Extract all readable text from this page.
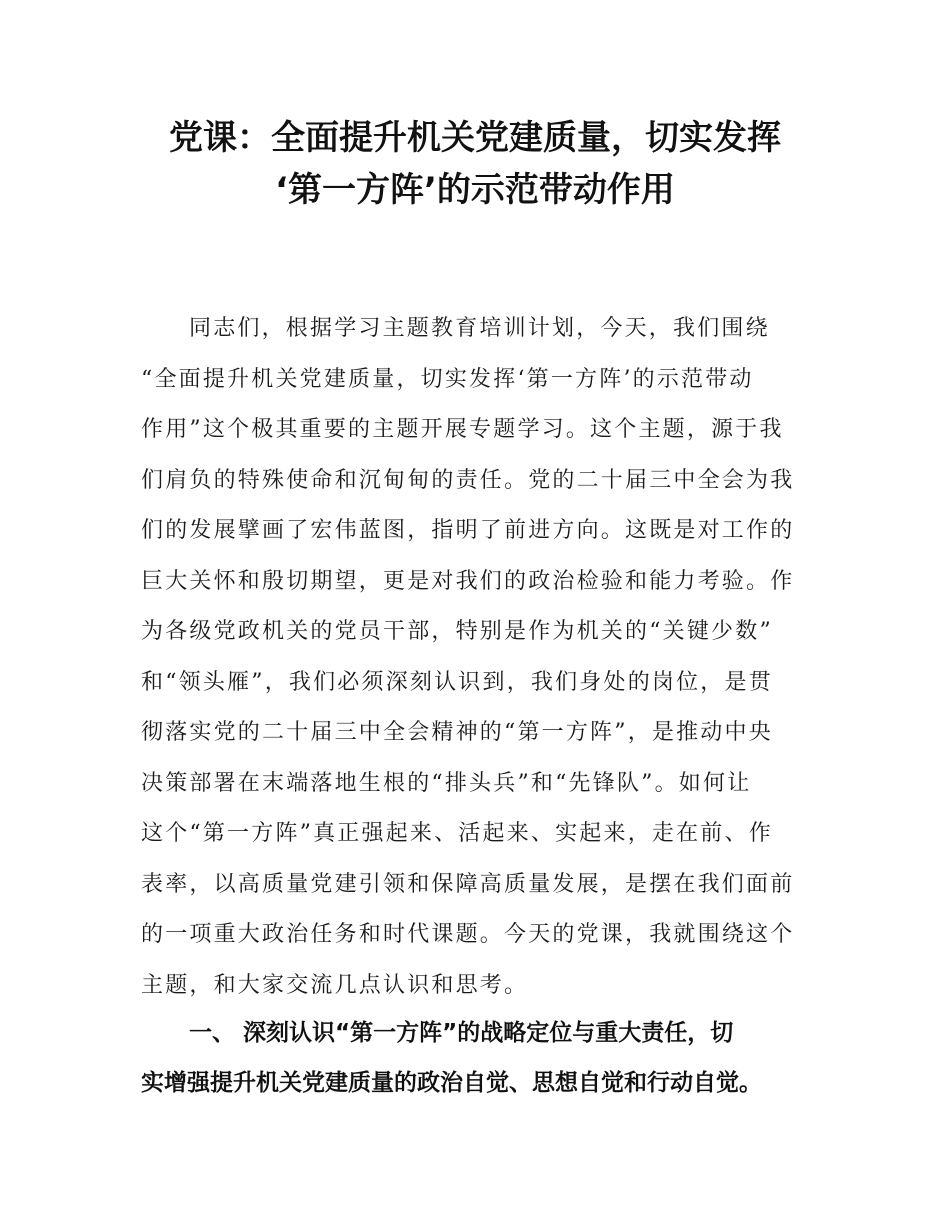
党课：全面提升机关党建质量，切实发挥
‘第一方阵’的示范带动作用
同志们，根据学习主题教育培训计划，今天，我们围绕
“全面提升机关党建质量，切实发挥‘第一方阵’的示范带动
作用”这个极其重要的主题开展专题学习。这个主题，源于我
们肩负的特殊使命和沉甸甸的责任。党的二十届三中全会为我
们的发展擘画了宏伟蓝图，指明了前进方向。这既是对工作的
巨大关怀和殷切期望，更是对我们的政治检验和能力考验。作
为各级党政机关的党员干部，特别是作为机关的“关键少数”
和“领头雁”，我们必须深刻认识到，我们身处的岗位，是贯
彻落实党的二十届三中全会精神的“第一方阵”，是推动中央
决策部署在末端落地生根的“排头兵”和“先锋队”。如何让
这个“第一方阵”真正强起来、活起来、实起来，走在前、作
表率，以高质量党建引领和保障高质量发展，是摆在我们面前
的一项重大政治任务和时代课题。今天的党课，我就围绕这个
主题，和大家交流几点认识和思考。
一、 深刻认识“第一方阵”的战略定位与重大责任，切
实增强提升机关党建质量的政治自觉、思想自觉和行动自觉。
